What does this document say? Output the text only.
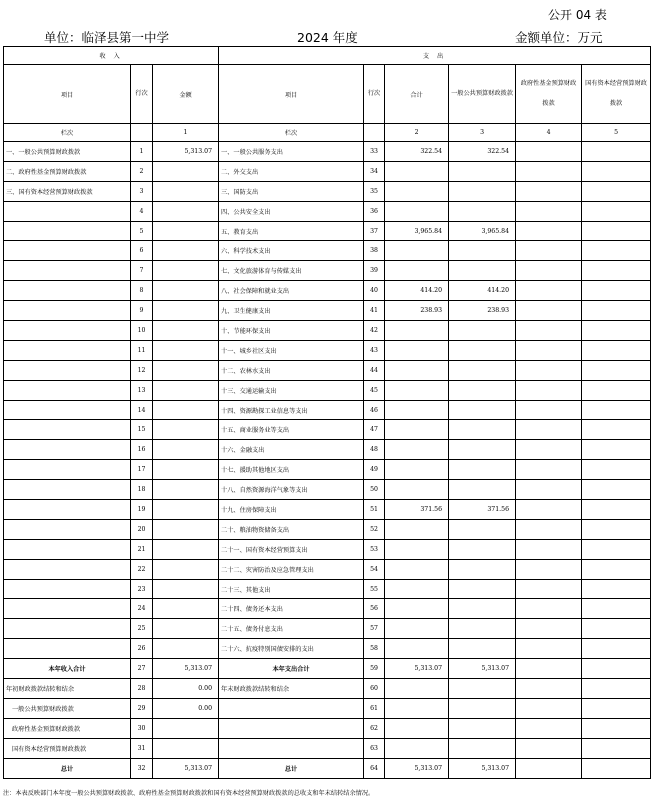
公开 04 表
单位：临泽县第一中学	2024 年度	金额单位：万元
收 入			支 出					
项目	行次	金额	项目	行次	合计	一般公共预算财政拨款	政府性基金预算财政拨款	国有资本经营预算财政拨款
栏次		1	栏次		2	3	4	5
一、一般公共预算财政拨款	1	5,313.07	一、一般公共服务支出	33	322.54	322.54		
二、政府性基金预算财政拨款	2		二、外交支出	34				
三、国有资本经营预算财政拨款	3		三、国防支出	35				
	4		四、公共安全支出	36				
	5		五、教育支出	37	3,965.84	3,965.84		
	6		六、科学技术支出	38				
	7		七、文化旅游体育与传媒支出	39				
	8		八、社会保障和就业支出	40	414.20	414.20		
	9		九、卫生健康支出	41	238.93	238.93		
	10		十、节能环保支出	42				
	11		十一、城乡社区支出	43				
	12		十二、农林水支出	44				
	13		十三、交通运输支出	45				
	14		十四、资源勘探工业信息等支出	46				
	15		十五、商业服务业等支出	47				
	16		十六、金融支出	48				
	17		十七、援助其他地区支出	49				
	18		十八、自然资源海洋气象等支出	50				
	19		十九、住房保障支出	51	371.56	371.56		
	20		二十、粮油物资储备支出	52				
	21		二十一、国有资本经营预算支出	53				
	22		二十二、灾害防治及应急管理支出	54				
	23		二十三、其他支出	55				
	24		二十四、债务还本支出	56				
	25		二十五、债务付息支出	57				
	26		二十六、抗疫特别国债安排的支出	58				
本年收入合计	27	5,313.07	本年支出合计	59	5,313.07	5,313.07		
年初财政拨款结转和结余	28	0.00	年末财政拨款结转和结余	60				
一般公共预算财政拨款	29	0.00		61				
政府性基金预算财政拨款	30			62				
国有资本经营预算财政拨款	31			63				
总计	32	5,313.07	总计	64	5,313.07	5,313.07		
注：本表反映部门本年度一般公共预算财政拨款、政府性基金预算财政拨款和国有资本经营预算财政拨款的总收支和年末结转结余情况。
